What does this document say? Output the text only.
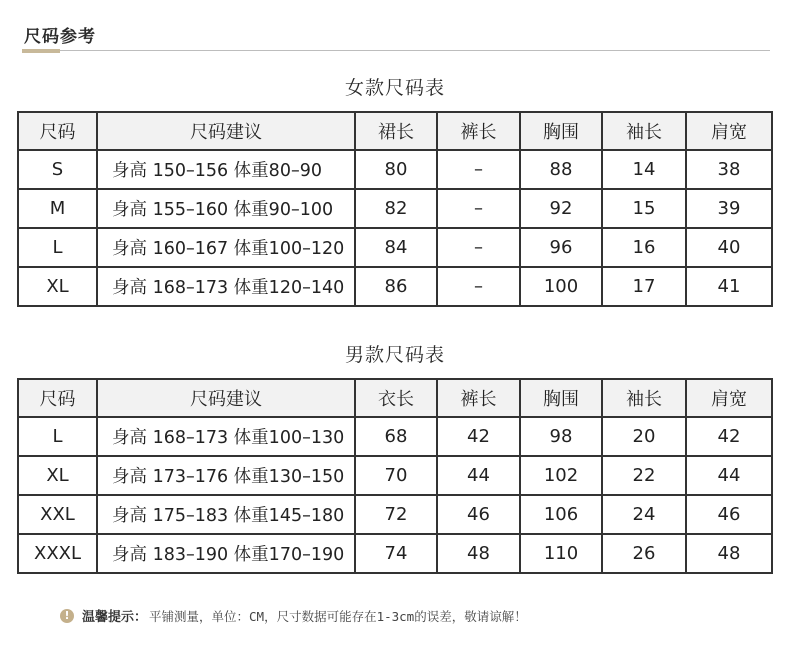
尺码参考
女款尺码表
尺码	尺码建议	裙长	裤长	胸围	袖长	肩宽
S	身高 150–156 体重80–90	80	–	88	14	38
M	身高 155–160 体重90–100	82	–	92	15	39
L	身高 160–167 体重100–120	84	–	96	16	40
XL	身高 168–173 体重120–140	86	–	100	17	41
男款尺码表
尺码	尺码建议	衣长	裤长	胸围	袖长	肩宽
L	身高 168–173 体重100–130	68	42	98	20	42
XL	身高 173–176 体重130–150	70	44	102	22	44
XXL	身高 175–183 体重145–180	72	46	106	24	46
XXXL	身高 183–190 体重170–190	74	48	110	26	48
! 温馨提示： 平铺测量，单位：CM，尺寸数据可能存在1-3cm的误差，敬请谅解！
